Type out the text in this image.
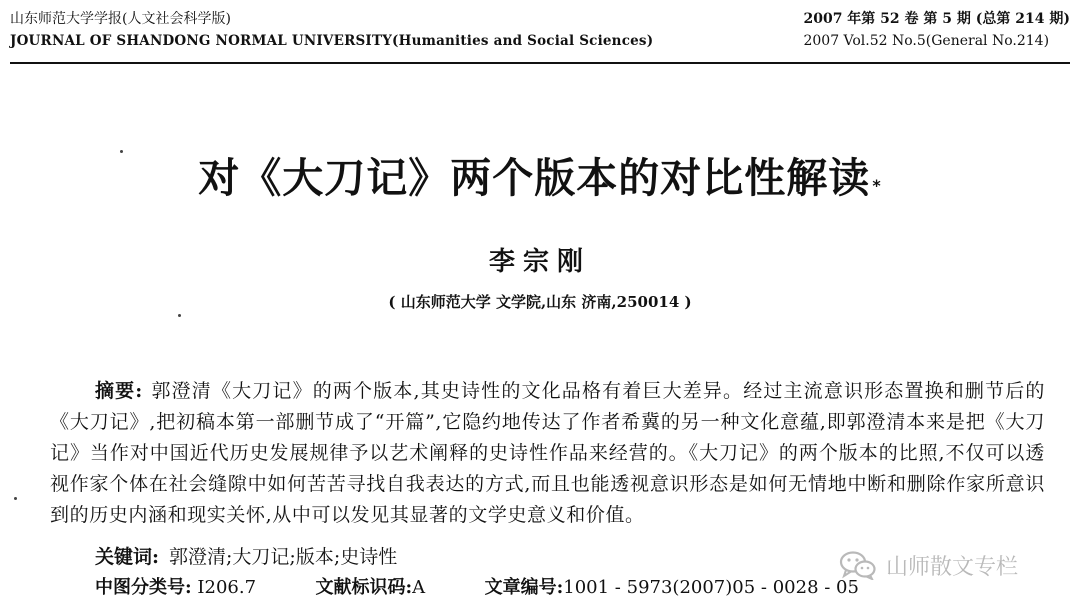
山东师范大学学报(人文社会科学版)
JOURNAL OF SHANDONG NORMAL UNIVERSITY(Humanities and Social Sciences)
2007 年第 52 卷 第 5 期 (总第 214 期)
2007 Vol.52 No.5(General No.214)
对《大刀记》两个版本的对比性解读 *
李宗刚
( 山东师范大学 文学院,山东 济南,250014 )
摘要: 郭澄清《大刀记》的两个版本,其史诗性的文化品格有着巨大差异。经过主流意识形态置换和删节后的《大刀记》,把初稿本第一部删节成了“开篇”,它隐约地传达了作者希冀的另一种文化意蕴,即郭澄清本来是把《大刀记》当作对中国近代历史发展规律予以艺术阐释的史诗性作品来经营的。《大刀记》的两个版本的比照,不仅可以透视作家个体在社会缝隙中如何苦苦寻找自我表达的方式,而且也能透视意识形态是如何无情地中断和删除作家所意识到的历史内涵和现实关怀,从中可以发见其显著的文学史意义和价值。
关键词: 郭澄清;大刀记;版本;史诗性
中图分类号: I206.7	文献标识码:A	文章编号:1001 - 5973(2007)05 - 0028 - 05
山师散文专栏
